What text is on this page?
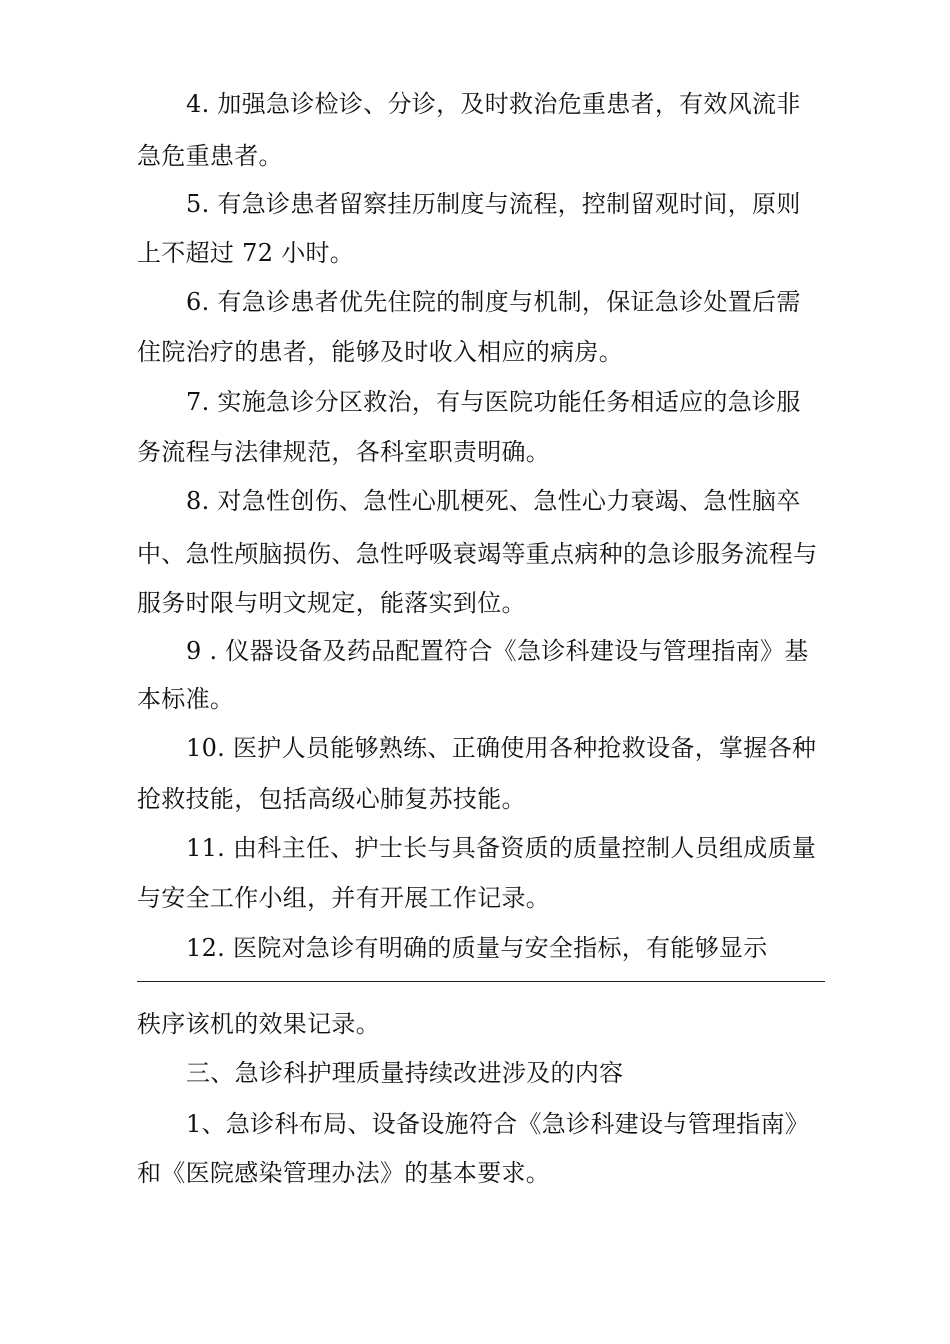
4. 加强急诊检诊、分诊，及时救治危重患者，有效风流非
急危重患者。
5. 有急诊患者留察挂历制度与流程，控制留观时间，原则
上不超过 72 小时。
6. 有急诊患者优先住院的制度与机制，保证急诊处置后需
住院治疗的患者，能够及时收入相应的病房。
7. 实施急诊分区救治，有与医院功能任务相适应的急诊服
务流程与法律规范，各科室职责明确。
8. 对急性创伤、急性心肌梗死、急性心力衰竭、急性脑卒
中、急性颅脑损伤、急性呼吸衰竭等重点病种的急诊服务流程与
服务时限与明文规定，能落实到位。
9 . 仪器设备及药品配置符合《急诊科建设与管理指南》基
本标准。
10. 医护人员能够熟练、正确使用各种抢救设备，掌握各种
抢救技能，包括高级心肺复苏技能。
11. 由科主任、护士长与具备资质的质量控制人员组成质量
与安全工作小组，并有开展工作记录。
12. 医院对急诊有明确的质量与安全指标，有能够显示
秩序该机的效果记录。
三、急诊科护理质量持续改进涉及的内容
1、急诊科布局、设备设施符合《急诊科建设与管理指南》
和《医院感染管理办法》的基本要求。
